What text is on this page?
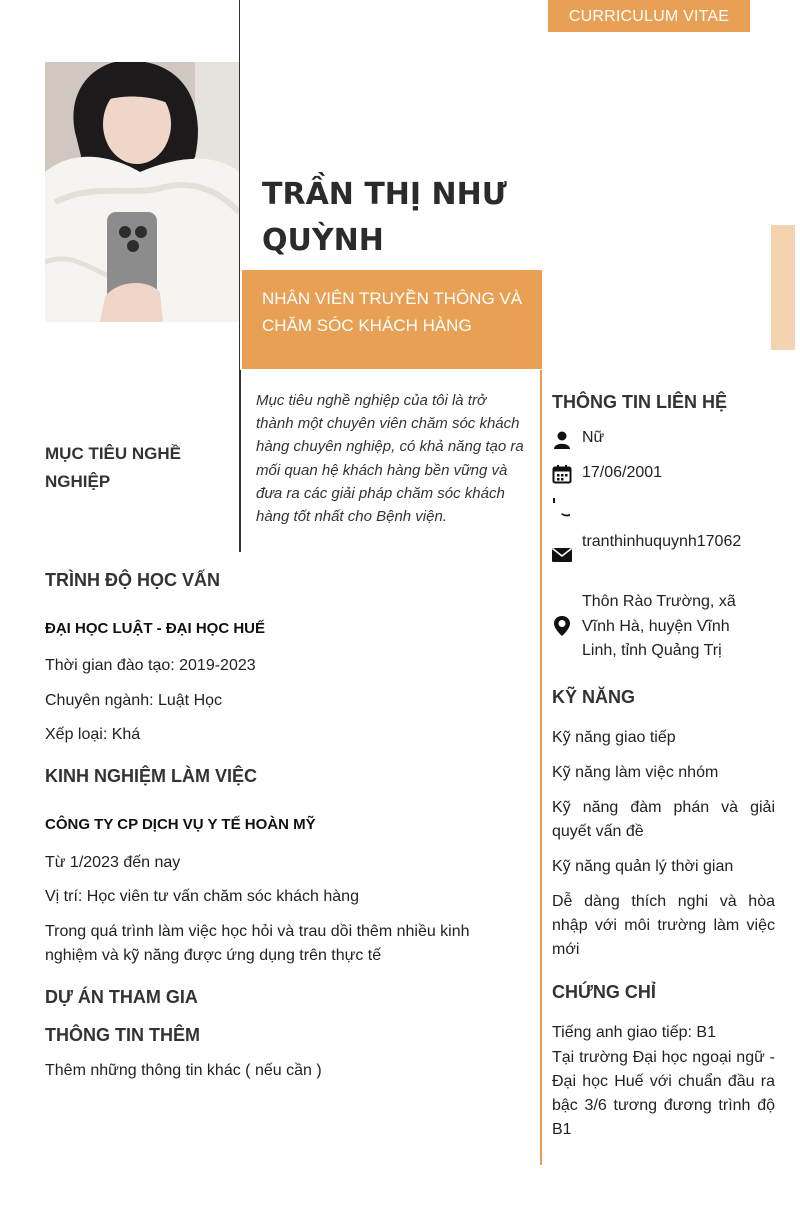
CURRICULUM VITAE
TRẦN THỊ NHƯ
QUỲNH
NHÂN VIÊN TRUYỀN THÔNG VÀ
CHĂM SÓC KHÁCH HÀNG
MỤC TIÊU NGHỀ
NGHIỆP
Mục tiêu nghề nghiệp của tôi là trở thành một chuyên viên chăm sóc khách hàng chuyên nghiệp, có khả năng tạo ra mối quan hệ khách hàng bền vững và đưa ra các giải pháp chăm sóc khách hàng tốt nhất cho Bệnh viện.
TRÌNH ĐỘ HỌC VẤN
ĐẠI HỌC LUẬT - ĐẠI HỌC HUẾ
Thời gian đào tạo: 2019-2023
Chuyên ngành: Luật Học
Xếp loại: Khá
KINH NGHIỆM LÀM VIỆC
CÔNG TY CP DỊCH VỤ Y TẾ HOÀN MỸ
Từ 1/2023 đến nay
Vị trí: Học viên tư vấn chăm sóc khách hàng
Trong quá trình làm việc học hỏi và trau dồi thêm nhiều kinh nghiệm và kỹ năng được ứng dụng trên thực tế
DỰ ÁN THAM GIA
THÔNG TIN THÊM
Thêm những thông tin khác ( nếu cần )
THÔNG TIN LIÊN HỆ
Nữ
17/06/2001
tranthinhuquynh17062
Thôn Rào Trường, xã Vĩnh Hà, huyện Vĩnh Linh, tỉnh Quảng Trị
KỸ NĂNG
Kỹ năng giao tiếp
Kỹ năng làm việc nhóm
Kỹ năng đàm phán và giải quyết vấn đề
Kỹ năng quản lý thời gian
Dễ dàng thích nghi và hòa nhập với môi trường làm việc mới
CHỨNG CHỈ
Tiếng anh giao tiếp: B1
Tại trường Đại học ngoại ngữ - Đại học Huế với chuẩn đầu ra bậc 3/6 tương đương trình độ B1
